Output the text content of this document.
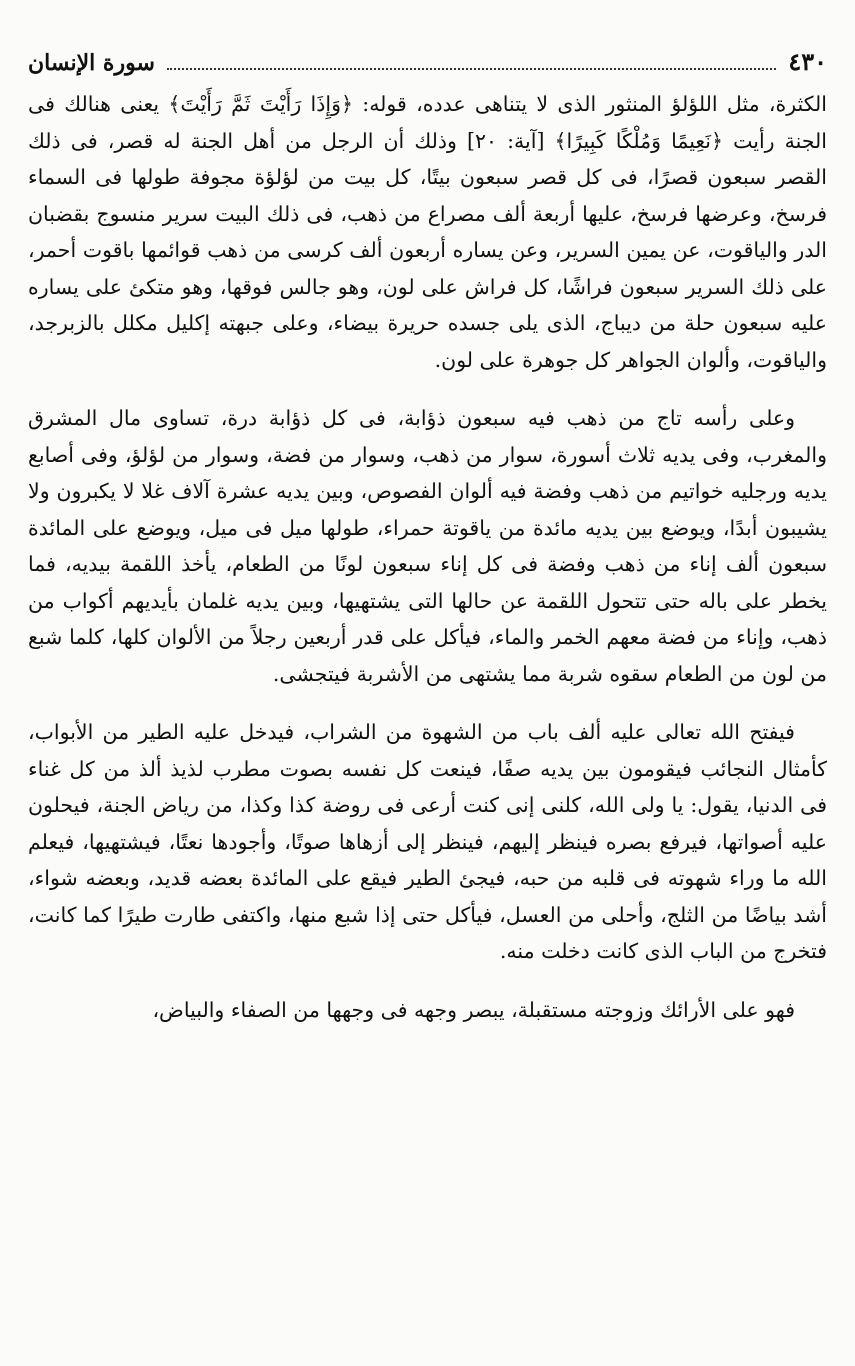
٤٣٠
سورة الإنسان

الكثرة، مثل اللؤلؤ المنثور الذى لا يتناهى عدده، قوله: ﴿وَإِذَا رَأَيْتَ ثَمَّ رَأَيْتَ﴾ يعنى هنالك فى الجنة رأيت ﴿نَعِيمًا وَمُلْكًا كَبِيرًا﴾ [آية: ٢٠] وذلك أن الرجل من أهل الجنة له قصر، فى ذلك القصر سبعون قصرًا، فى كل قصر سبعون بيتًا، كل بيت من لؤلؤة مجوفة طولها فى السماء فرسخ، وعرضها فرسخ، عليها أربعة ألف مصراع من ذهب، فى ذلك البيت سرير منسوج بقضبان الدر والياقوت، عن يمين السرير، وعن يساره أربعون ألف كرسى من ذهب قوائمها باقوت أحمر، على ذلك السرير سبعون فراشًا، كل فراش على لون، وهو جالس فوقها، وهو متكئ على يساره عليه سبعون حلة من ديباج، الذى يلى جسده حريرة بيضاء، وعلى جبهته إكليل مكلل بالزبرجد، والياقوت، وألوان الجواهر كل جوهرة على لون.

وعلى رأسه تاج من ذهب فيه سبعون ذؤابة، فى كل ذؤابة درة، تساوى مال المشرق والمغرب، وفى يديه ثلاث أسورة، سوار من ذهب، وسوار من فضة، وسوار من لؤلؤ، وفى أصابع يديه ورجليه خواتيم من ذهب وفضة فيه ألوان الفصوص، وبين يديه عشرة آلاف غلا لا يكبرون ولا يشيبون أبدًا، ويوضع بين يديه مائدة من ياقوتة حمراء، طولها ميل فى ميل، ويوضع على المائدة سبعون ألف إناء من ذهب وفضة فى كل إناء سبعون لونًا من الطعام، يأخذ اللقمة بيديه، فما يخطر على باله حتى تتحول اللقمة عن حالها التى يشتهيها، وبين يديه غلمان بأيديهم أكواب من ذهب، وإناء من فضة معهم الخمر والماء، فيأكل على قدر أربعين رجلاً من الألوان كلها، كلما شبع من لون من الطعام سقوه شربة مما يشتهى من الأشربة فيتجشى.

فيفتح الله تعالى عليه ألف باب من الشهوة من الشراب، فيدخل عليه الطير من الأبواب، كأمثال النجائب فيقومون بين يديه صفًا، فينعت كل نفسه بصوت مطرب لذيذ ألذ من كل غناء فى الدنيا، يقول: يا ولى الله، كلنى إنى كنت أرعى فى روضة كذا وكذا، من رياض الجنة، فيحلون عليه أصواتها، فيرفع بصره فينظر إليهم، فينظر إلى أزهاها صوتًا، وأجودها نعتًا، فيشتهيها، فيعلم الله ما وراء شهوته فى قلبه من حبه، فيجئ الطير فيقع على المائدة بعضه قديد، وبعضه شواء، أشد بياضًا من الثلج، وأحلى من العسل، فيأكل حتى إذا شبع منها، واكتفى طارت طيرًا كما كانت، فتخرج من الباب الذى كانت دخلت منه.

فهو على الأرائك وزوجته مستقبلة، يبصر وجهه فى وجهها من الصفاء والبياض،
